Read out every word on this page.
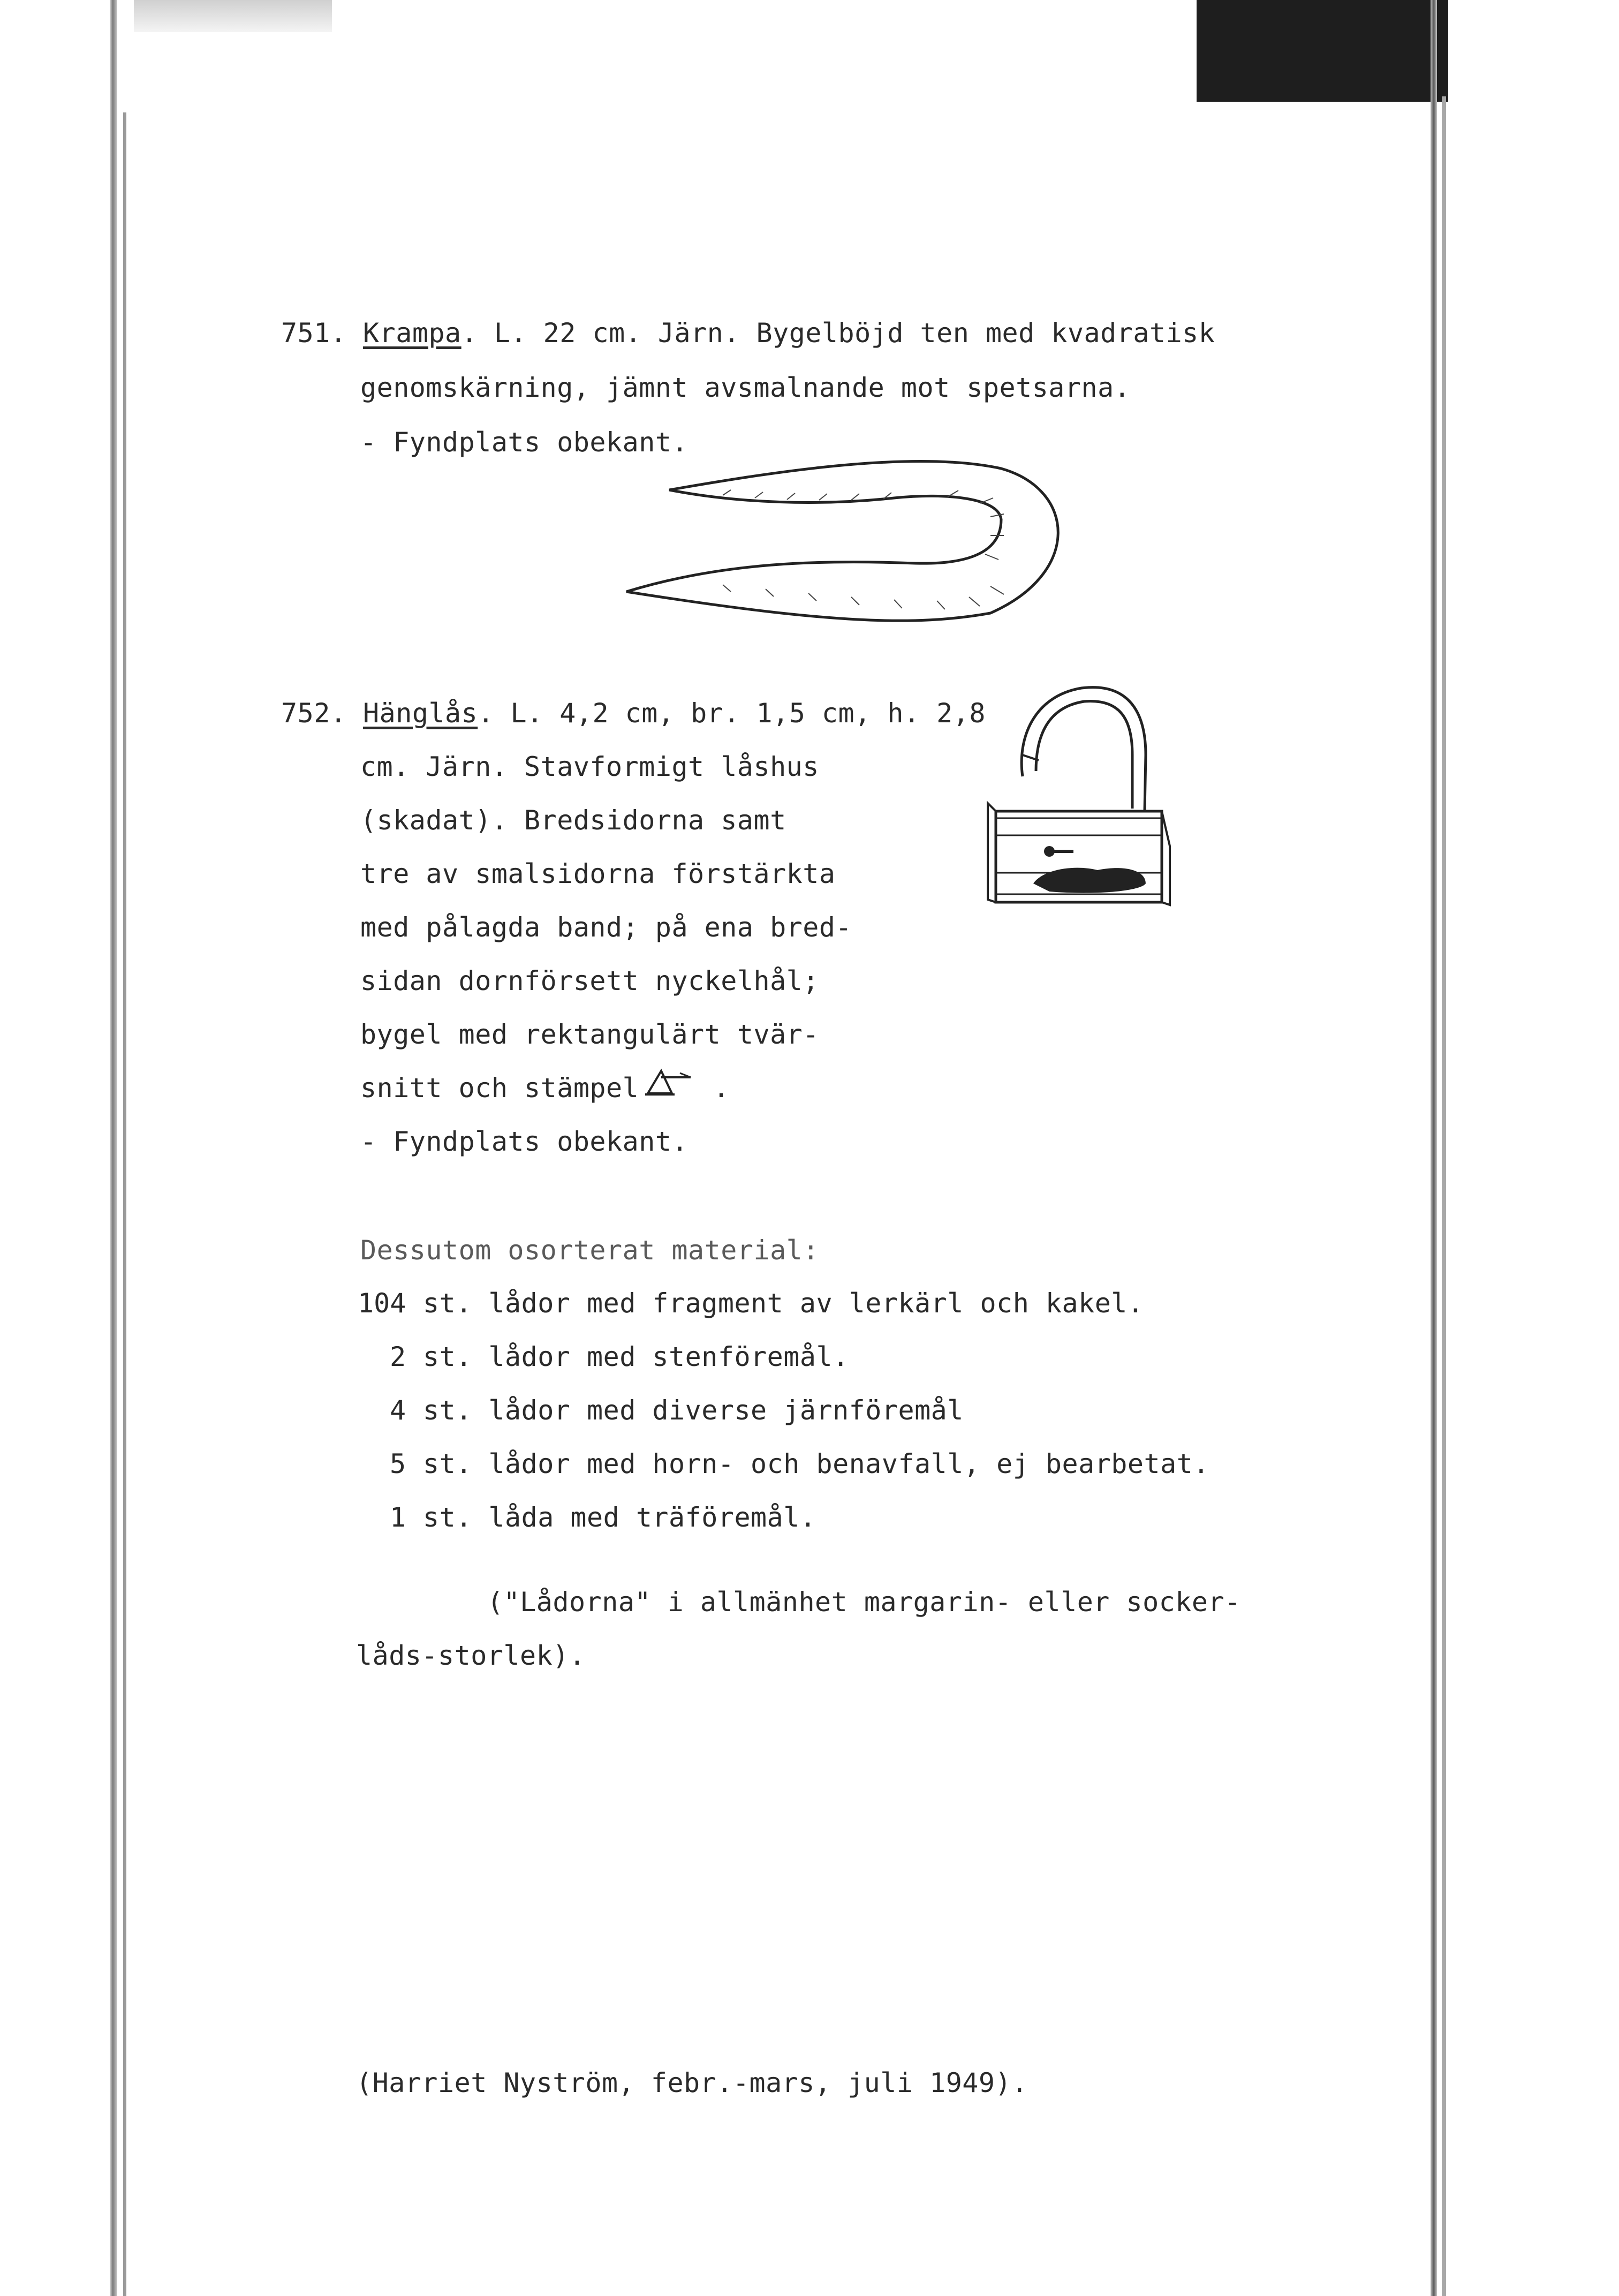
751. Krampa. L. 22 cm. Järn. Bygelböjd ten med kvadratisk
genomskärning, jämnt avsmalnande mot spetsarna.
- Fyndplats obekant.
752. Hänglås. L. 4,2 cm, br. 1,5 cm, h. 2,8
cm. Järn. Stavformigt låshus
(skadat). Bredsidorna samt
tre av smalsidorna förstärkta
med pålagda band; på ena bred-
sidan dornförsett nyckelhål;
bygel med rektangulärt tvär-
snitt och stämpel	.
- Fyndplats obekant.
Dessutom osorterat material:
104 st. lådor med fragment av lerkärl och kakel.
2 st. lådor med stenföremål.
4 st. lådor med diverse järnföremål
5 st. lådor med horn- och benavfall, ej bearbetat.
1 st. låda med träföremål.
("Lådorna" i allmänhet margarin- eller socker-
låds-storlek).
(Harriet Nyström, febr.-mars, juli 1949).
